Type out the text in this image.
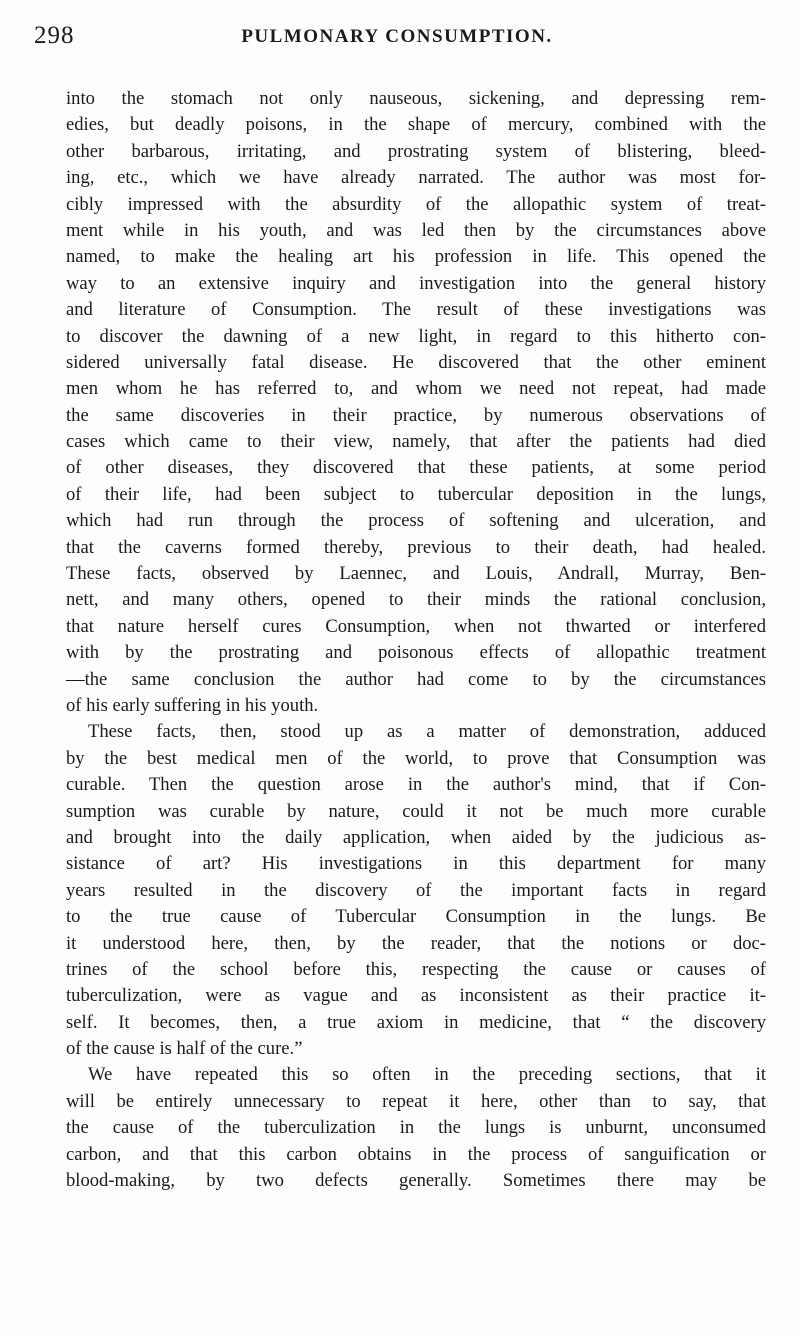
298	PULMONARY CONSUMPTION.
into the stomach not only nauseous, sickening, and depressing rem-
edies, but deadly poisons, in the shape of mercury, combined with the
other barbarous, irritating, and prostrating system of blistering, bleed-
ing, etc., which we have already narrated. The author was most for-
cibly impressed with the absurdity of the allopathic system of treat-
ment while in his youth, and was led then by the circumstances above
named, to make the healing art his profession in life. This opened the
way to an extensive inquiry and investigation into the general history
and literature of Consumption. The result of these investigations was
to discover the dawning of a new light, in regard to this hitherto con-
sidered universally fatal disease. He discovered that the other eminent
men whom he has referred to, and whom we need not repeat, had made
the same discoveries in their practice, by numerous observations of
cases which came to their view, namely, that after the patients had died
of other diseases, they discovered that these patients, at some period
of their life, had been subject to tubercular deposition in the lungs,
which had run through the process of softening and ulceration, and
that the caverns formed thereby, previous to their death, had healed.
These facts, observed by Laennec, and Louis, Andrall, Murray, Ben-
nett, and many others, opened to their minds the rational conclusion,
that nature herself cures Consumption, when not thwarted or interfered
with by the prostrating and poisonous effects of allopathic treatment
—the same conclusion the author had come to by the circumstances
of his early suffering in his youth.
These facts, then, stood up as a matter of demonstration, adduced
by the best medical men of the world, to prove that Consumption was
curable. Then the question arose in the author's mind, that if Con-
sumption was curable by nature, could it not be much more curable
and brought into the daily application, when aided by the judicious as-
sistance of art? His investigations in this department for many
years resulted in the discovery of the important facts in regard
to the true cause of Tubercular Consumption in the lungs. Be
it understood here, then, by the reader, that the notions or doc-
trines of the school before this, respecting the cause or causes of
tuberculization, were as vague and as inconsistent as their practice it-
self. It becomes, then, a true axiom in medicine, that “ the discovery
of the cause is half of the cure.”
We have repeated this so often in the preceding sections, that it
will be entirely unnecessary to repeat it here, other than to say, that
the cause of the tuberculization in the lungs is unburnt, unconsumed
carbon, and that this carbon obtains in the process of sanguification or
blood-making, by two defects generally. Sometimes there may be
